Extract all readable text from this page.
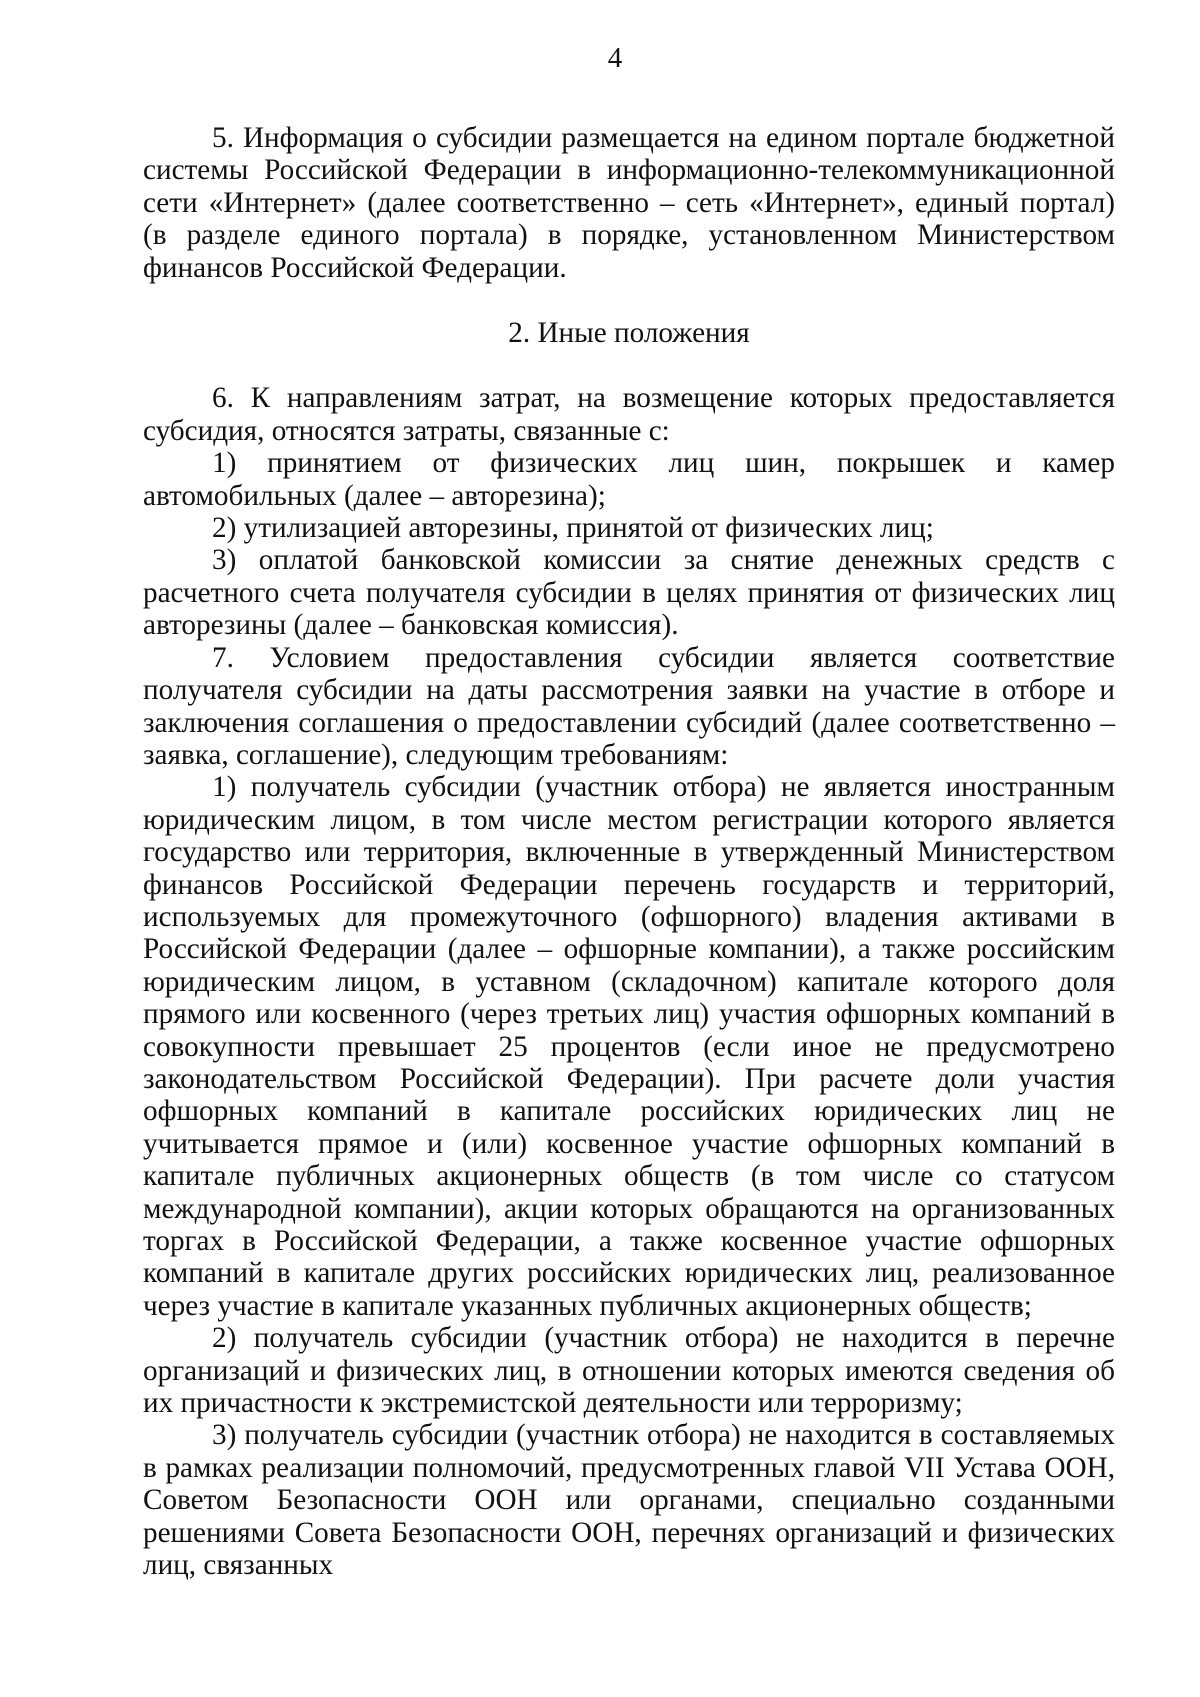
4

5. Информация о субсидии размещается на едином портале бюджетной системы Российской Федерации в информационно-телекоммуникационной сети «Интернет» (далее соответственно – сеть «Интернет», единый портал) (в разделе единого портала) в порядке, установленном Министерством финансов Российской Федерации.

2. Иные положения

6. К направлениям затрат, на возмещение которых предоставляется субсидия, относятся затраты, связанные с:

1) принятием от физических лиц шин, покрышек и камер автомобильных (далее – авторезина);

2) утилизацией авторезины, принятой от физических лиц;

3) оплатой банковской комиссии за снятие денежных средств с расчетного счета получателя субсидии в целях принятия от физических лиц авторезины (далее – банковская комиссия).

7. Условием предоставления субсидии является соответствие получателя субсидии на даты рассмотрения заявки на участие в отборе и заключения соглашения о предоставлении субсидий (далее соответственно – заявка, соглашение), следующим требованиям:

1) получатель субсидии (участник отбора) не является иностранным юридическим лицом, в том числе местом регистрации которого является государство или территория, включенные в утвержденный Министерством финансов Российской Федерации перечень государств и территорий, используемых для промежуточного (офшорного) владения активами в Российской Федерации (далее – офшорные компании), а также российским юридическим лицом, в уставном (складочном) капитале которого доля прямого или косвенного (через третьих лиц) участия офшорных компаний в совокупности превышает 25 процентов (если иное не предусмотрено законодательством Российской Федерации). При расчете доли участия офшорных компаний в капитале российских юридических лиц не учитывается прямое и (или) косвенное участие офшорных компаний в капитале публичных акционерных обществ (в том числе со статусом международной компании), акции которых обращаются на организованных торгах в Российской Федерации, а также косвенное участие офшорных компаний в капитале других российских юридических лиц, реализованное через участие в капитале указанных публичных акционерных обществ;

2) получатель субсидии (участник отбора) не находится в перечне организаций и физических лиц, в отношении которых имеются сведения об их причастности к экстремистской деятельности или терроризму;

3) получатель субсидии (участник отбора) не находится в составляемых в рамках реализации полномочий, предусмотренных главой VII Устава ООН, Советом Безопасности ООН или органами, специально созданными решениями Совета Безопасности ООН, перечнях организаций и физических лиц, связанных
